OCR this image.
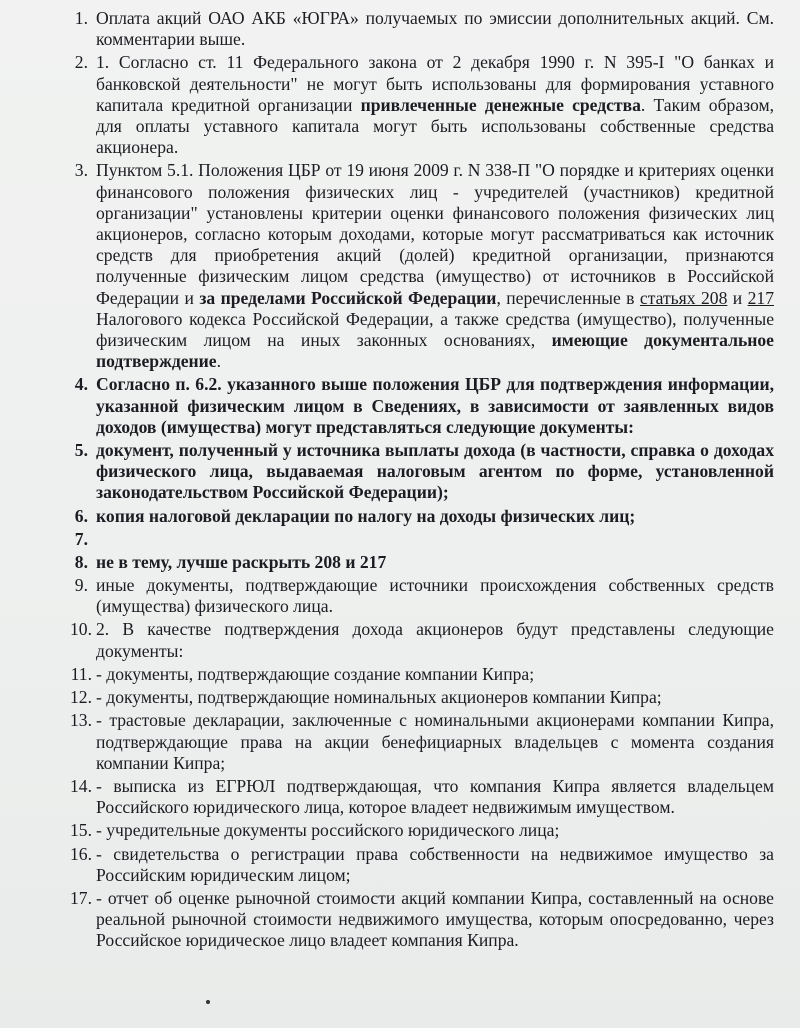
1. Оплата акций ОАО АКБ «ЮГРА» получаемых по эмиссии дополнительных акций. См. комментарии выше.
2. 1. Согласно ст. 11 Федерального закона от 2 декабря 1990 г. N 395-I "О банках и банковской деятельности" не могут быть использованы для формирования уставного капитала кредитной организации привлеченные денежные средства. Таким образом, для оплаты уставного капитала могут быть использованы собственные средства акционера.
3. Пунктом 5.1. Положения ЦБР от 19 июня 2009 г. N 338-П "О порядке и критериях оценки финансового положения физических лиц - учредителей (участников) кредитной организации" установлены критерии оценки финансового положения физических лиц акционеров, согласно которым доходами, которые могут рассматриваться как источник средств для приобретения акций (долей) кредитной организации, признаются полученные физическим лицом средства (имущество) от источников в Российской Федерации и за пределами Российской Федерации, перечисленные в статьях 208 и 217 Налогового кодекса Российской Федерации, а также средства (имущество), полученные физическим лицом на иных законных основаниях, имеющие документальное подтверждение.
4. Согласно п. 6.2. указанного выше положения ЦБР для подтверждения информации, указанной физическим лицом в Сведениях, в зависимости от заявленных видов доходов (имущества) могут представляться следующие документы:
5. документ, полученный у источника выплаты дохода (в частности, справка о доходах физического лица, выдаваемая налоговым агентом по форме, установленной законодательством Российской Федерации);
6. копия налоговой декларации по налогу на доходы физических лиц;
7.
8. не в тему, лучше раскрыть 208 и 217
9. иные документы, подтверждающие источники происхождения собственных средств (имущества) физического лица.
10. 2. В качестве подтверждения дохода акционеров будут представлены следующие документы:
11. - документы, подтверждающие создание компании Кипра;
12. - документы, подтверждающие номинальных акционеров компании Кипра;
13. - трастовые декларации, заключенные с номинальными акционерами компании Кипра, подтверждающие права на акции бенефициарных владельцев с момента создания компании Кипра;
14. - выписка из ЕГРЮЛ подтверждающая, что компания Кипра является владельцем Российского юридического лица, которое владеет недвижимым имуществом.
15. - учредительные документы российского юридического лица;
16. - свидетельства о регистрации права собственности на недвижимое имущество за Российским юридическим лицом;
17. - отчет об оценке рыночной стоимости акций компании Кипра, составленный на основе реальной рыночной стоимости недвижимого имущества, которым опосредованно, через Российское юридическое лицо владеет компания Кипра.
